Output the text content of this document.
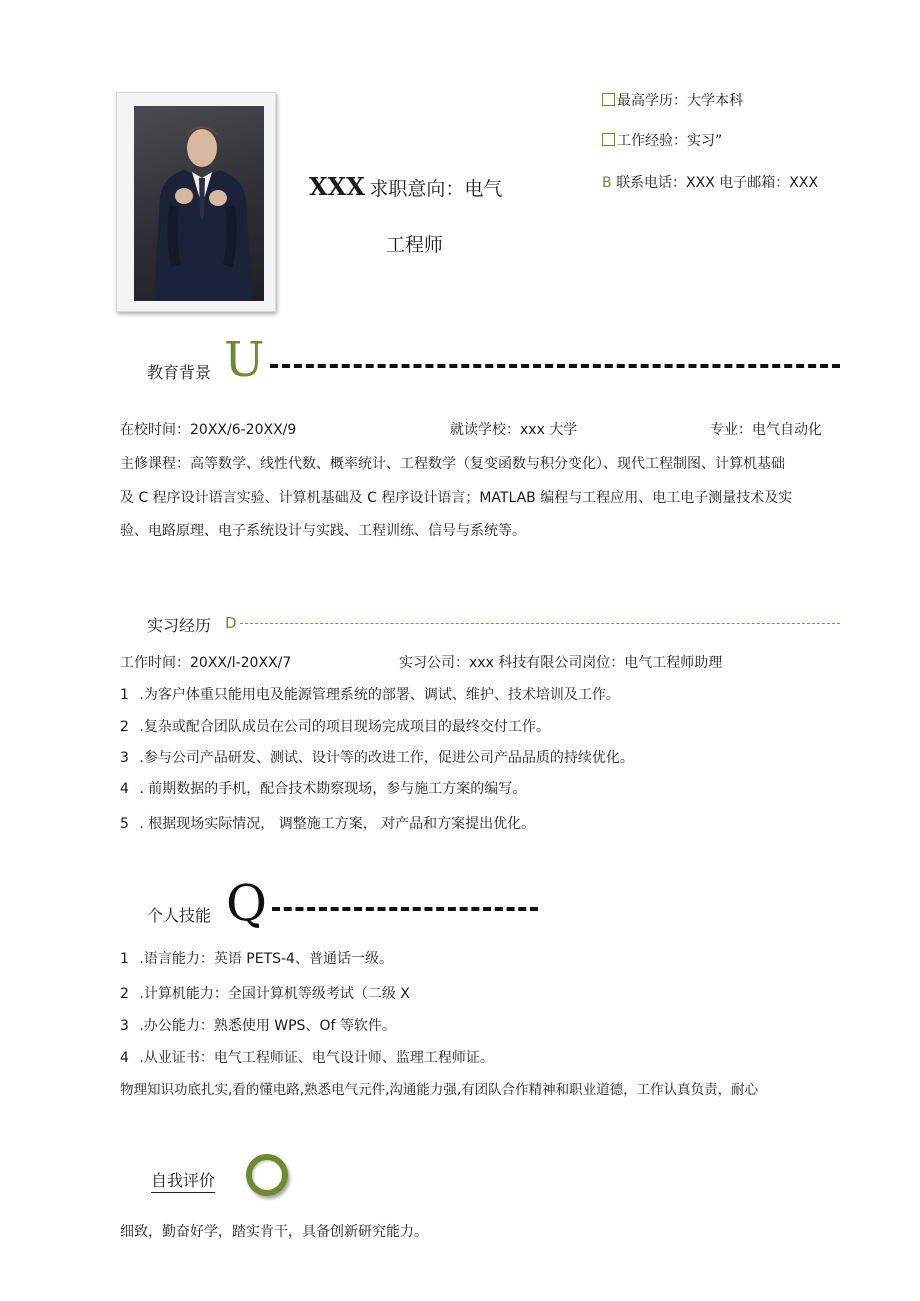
XXX 求职意向：电气
工程师
最高学历：大学本科
工作经验：实习”
B 联系电话：XXX 电子邮箱：XXX
教育背景 U
在校时间：20XX/6-20XX/9	就读学校：xxx 大学	专业：电气自动化
主修课程：高等数学、线性代数、概率统计、工程数学（复变函数与积分变化）、现代工程制图、计算机基础
及 C 程序设计语言实验、计算机基础及 C 程序设计语言；MATLAB 编程与工程应用、电工电子测量技术及实
验、电路原理、电子系统设计与实践、工程训练、信号与系统等。
实习经历 D
工作时间：20XX/l-20XX/7	实习公司：xxx 科技有限公司岗位：电气工程师助理
1 .为客户体重只能用电及能源管理系统的部署、调试、维护、技术培训及工作。
2 .复杂或配合团队成员在公司的项目现场完成项目的最终交付工作。
3 .参与公司产品研发、测试、设计等的改进工作，促进公司产品品质的持续优化。
4 . 前期数据的手机，配合技术勘察现场，参与施工方案的编写。
5 . 根据现场实际情况， 调整施工方案， 对产品和方案提出优化。
个人技能 Q
1 .语言能力：英语 PETS-4、普通话一级。
2 .计算机能力：全国计算机等级考试（二级 X
3 .办公能力：熟悉使用 WPS、Of 等软件。
4 .从业证书：电气工程师证、电气设计师、监理工程师证。
物理知识功底扎实,看的懂电路,熟悉电气元件,沟通能力强,有团队合作精神和职业道德，工作认真负责，耐心
自我评价
细致，勤奋好学，踏实肯干，具备创新研究能力。
